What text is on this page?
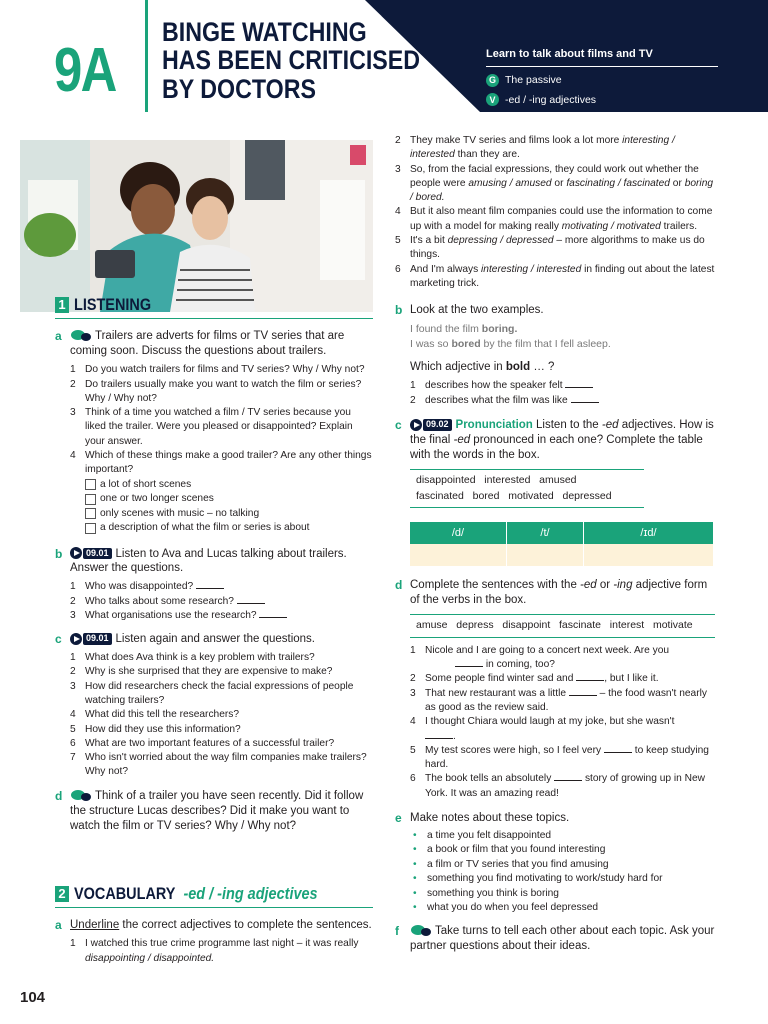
9A
BINGE WATCHING
HAS BEEN CRITICISED
BY DOCTORS
Learn to talk about films and TV
G The passive
V -ed / -ing adjectives
1 LISTENING
a	Trailers are adverts for films or TV series that are coming soon. Discuss the questions about trailers.
1 Do you watch trailers for films and TV series? Why / Why not?
2 Do trailers usually make you want to watch the film or series? Why / Why not?
3 Think of a time you watched a film / TV series because you liked the trailer. Were you pleased or disappointed? Explain your answer.
4 Which of these things make a good trailer? Are any other things important?
a lot of short scenes
one or two longer scenes
only scenes with music – no talking
a description of what the film or series is about
b	09.01 Listen to Ava and Lucas talking about trailers. Answer the questions.
1 Who was disappointed?
2 Who talks about some research?
3 What organisations use the research?
c	09.01 Listen again and answer the questions.
1 What does Ava think is a key problem with trailers?
2 Why is she surprised that they are expensive to make?
3 How did researchers check the facial expressions of people watching trailers?
4 What did this tell the researchers?
5 How did they use this information?
6 What are two important features of a successful trailer?
7 Who isn't worried about the way film companies make trailers? Why not?
d	Think of a trailer you have seen recently. Did it follow the structure Lucas describes? Did it make you want to watch the film or TV series? Why / Why not?
2 VOCABULARY -ed / -ing adjectives
a Underline the correct adjectives to complete the sentences.
1 I watched this true crime programme last night – it was really disappointing / disappointed.
2 They make TV series and films look a lot more interesting / interested than they are.
3 So, from the facial expressions, they could work out whether the people were amusing / amused or fascinating / fascinated or boring / bored.
4 But it also meant film companies could use the information to come up with a model for making really motivating / motivated trailers.
5 It's a bit depressing / depressed – more algorithms to make us do things.
6 And I'm always interesting / interested in finding out about the latest marketing trick.
b Look at the two examples.
I found the film boring.
I was so bored by the film that I fell asleep.
Which adjective in bold … ?
1 describes how the speaker felt
2 describes what the film was like
c	09.02 Pronunciation Listen to the -ed adjectives. How is the final -ed pronounced in each one? Complete the table with the words in the box.
disappointed   interested   amused
fascinated   bored   motivated   depressed
/d/	/t/	/ɪd/

d Complete the sentences with the -ed or -ing adjective form of the verbs in the box.
amuse   depress   disappoint   fascinate   interest   motivate
1 Nicole and I are going to a concert next week. Are you
in coming, too?
2 Some people find winter sad and	, but I like it.
3 That new restaurant was a little	– the food wasn't nearly as good as the review said.
4 I thought Chiara would laugh at my joke, but she wasn't
.
5 My test scores were high, so I feel very	to keep studying hard.
6 The book tells an absolutely	story of growing up in New York. It was an amazing read!
e Make notes about these topics.
• a time you felt disappointed
• a book or film that you found interesting
• a film or TV series that you find amusing
• something you find motivating to work/study hard for
• something you think is boring
• what you do when you feel depressed
f	Take turns to tell each other about each topic. Ask your partner questions about their ideas.
104
